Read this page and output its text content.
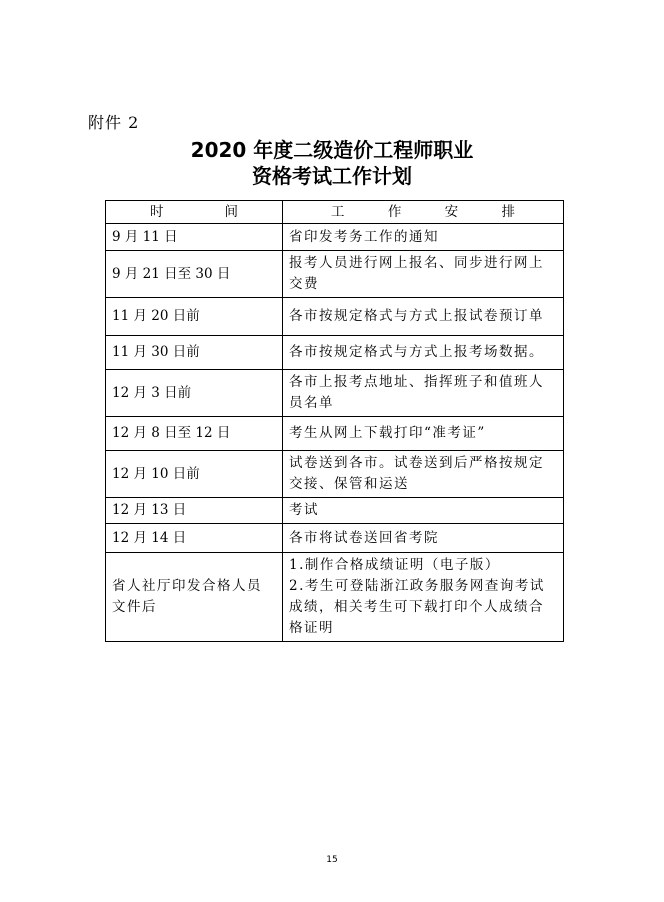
附件 2
2020 年度二级造价工程师职业
资格考试工作计划
时 间	工 作 安 排

9 月 11 日	省印发考务工作的通知

9 月 21 日至 30 日	报考人员进行网上报名、同步进行网上
交费

11 月 20 日前	各市按规定格式与方式上报试卷预订单

11 月 30 日前	各市按规定格式与方式上报考场数据。

12 月 3 日前	各市上报考点地址、指挥班子和值班人
员名单

12 月 8 日至 12 日	考生从网上下载打印“准考证”

12 月 10 日前	试卷送到各市。试卷送到后严格按规定
交接、保管和运送

12 月 13 日	考试

12 月 14 日	各市将试卷送回省考院

省人社厅印发合格人员
文件后	1.制作合格成绩证明（电子版）
2.考生可登陆浙江政务服务网查询考试
成绩，相关考生可下载打印个人成绩合
格证明
15
